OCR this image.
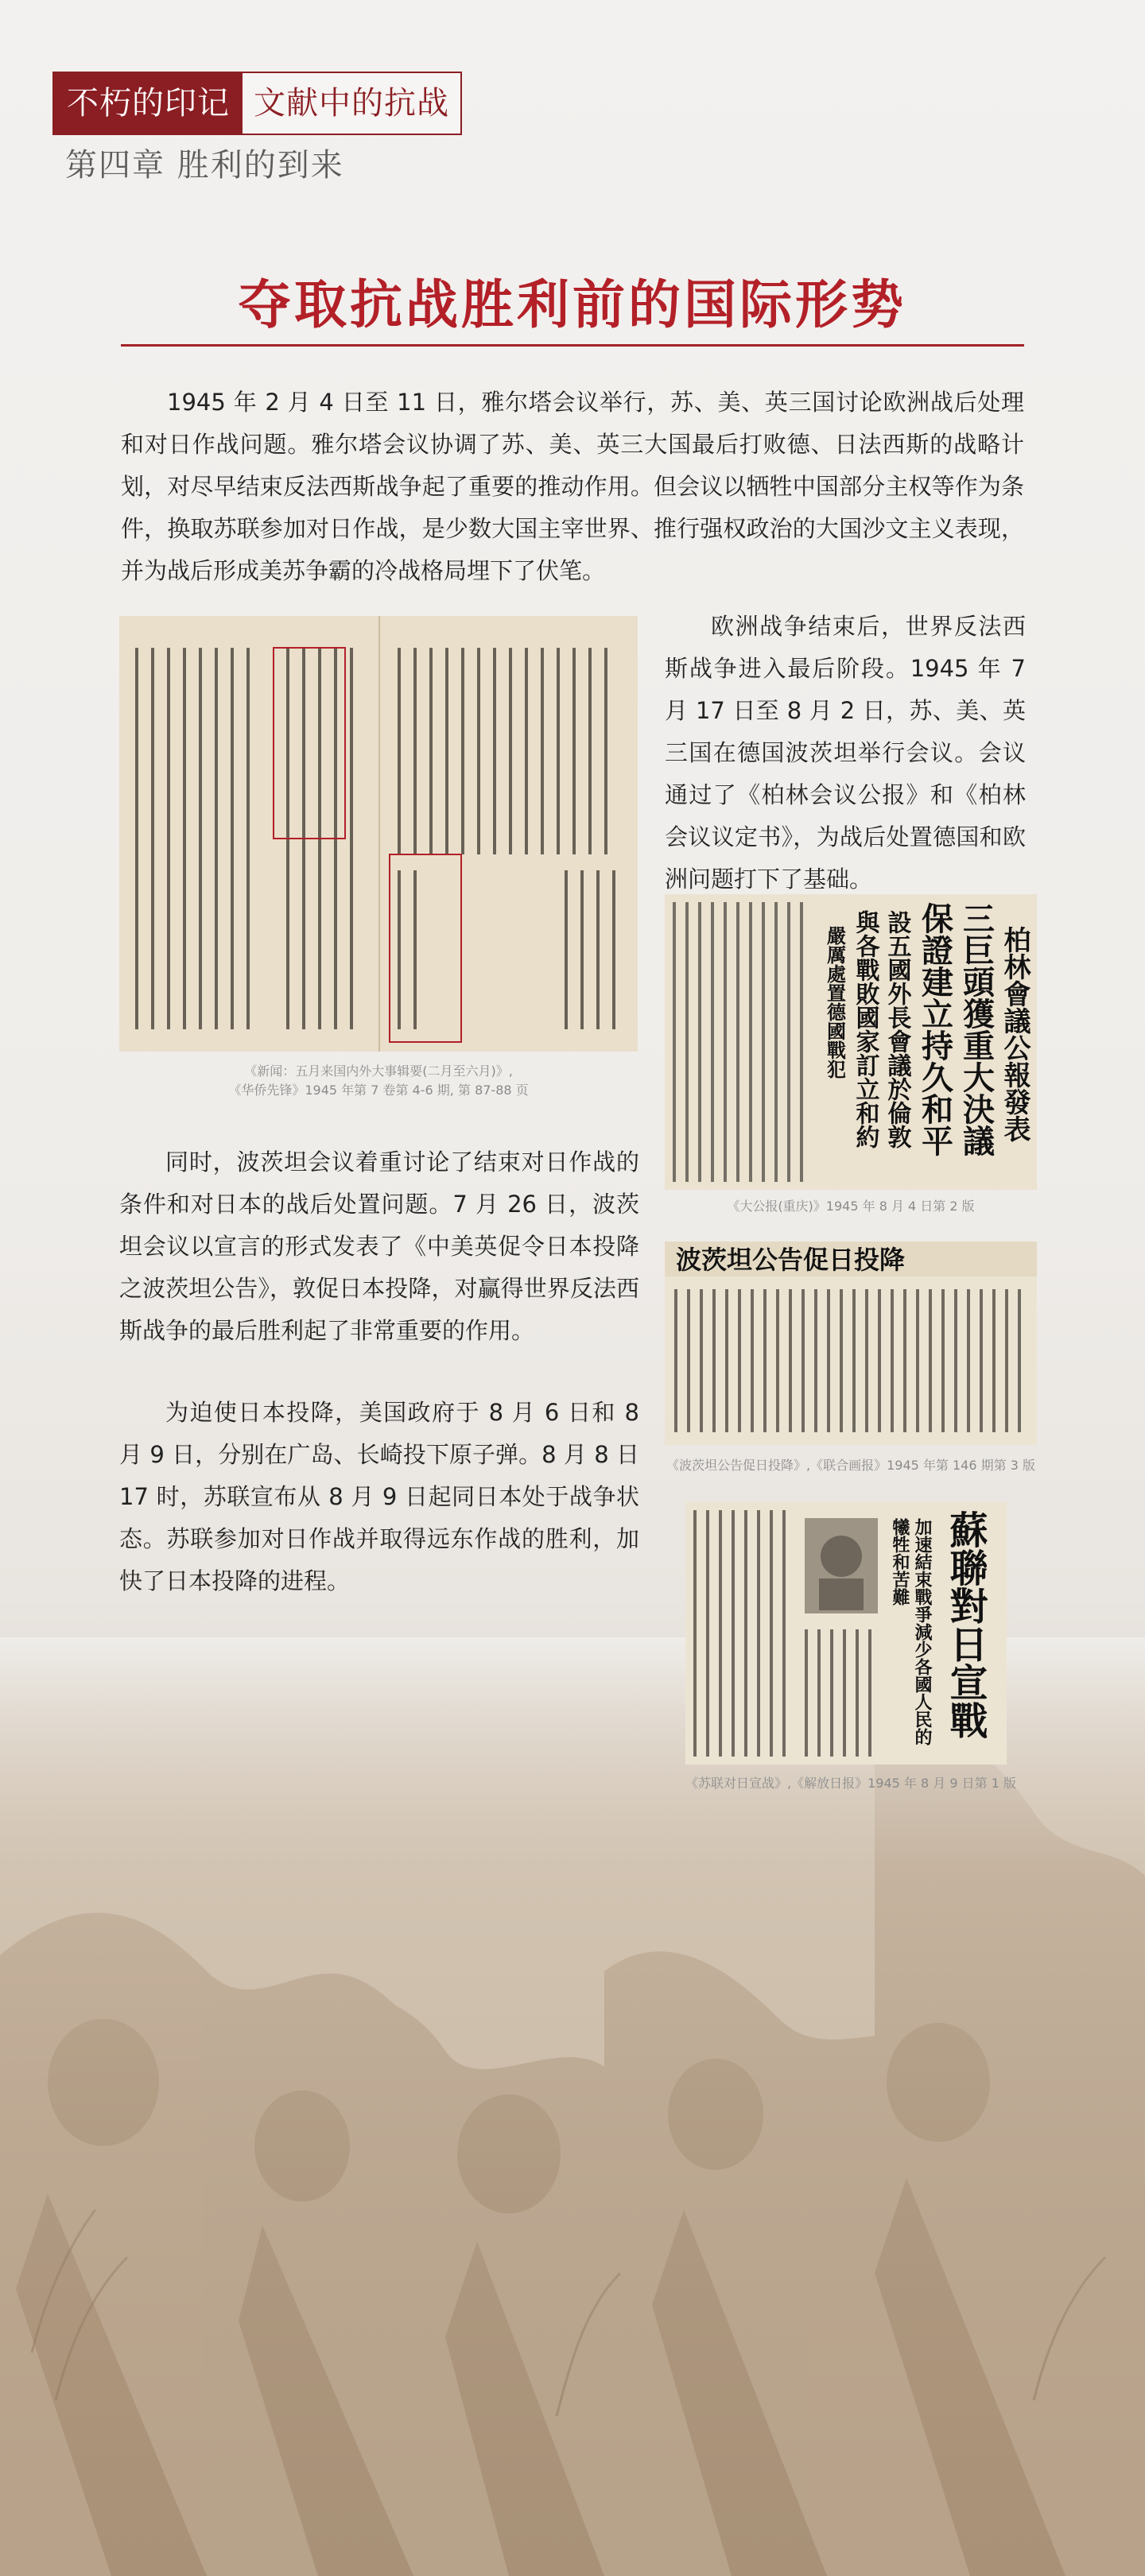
不朽的印记 文献中的抗战
第四章 胜利的到来
夺取抗战胜利前的国际形势

1945 年 2 月 4 日至 11 日，雅尔塔会议举行，苏、美、英三国讨论欧洲战后处理和对日作战问题。雅尔塔会议协调了苏、美、英三大国最后打败德、日法西斯的战略计划，对尽早结束反法西斯战争起了重要的推动作用。但会议以牺牲中国部分主权等作为条件，换取苏联参加对日作战，是少数大国主宰世界、推行强权政治的大国沙文主义表现，并为战后形成美苏争霸的冷战格局埋下了伏笔。

欧洲战争结束后，世界反法西斯战争进入最后阶段。1945 年 7 月 17 日至 8 月 2 日，苏、美、英三国在德国波茨坦举行会议。会议通过了《柏林会议公报》和《柏林会议议定书》，为战后处置德国和欧洲问题打下了基础。

同时，波茨坦会议着重讨论了结束对日作战的条件和对日本的战后处置问题。7 月 26 日，波茨坦会议以宣言的形式发表了《中美英促令日本投降之波茨坦公告》，敦促日本投降，对赢得世界反法西斯战争的最后胜利起了非常重要的作用。

为迫使日本投降，美国政府于 8 月 6 日和 8 月 9 日，分别在广岛、长崎投下原子弹。8 月 8 日 17 时，苏联宣布从 8 月 9 日起同日本处于战争状态。苏联参加对日作战并取得远东作战的胜利，加快了日本投降的进程。

《新闻：五月来国内外大事辑要(二月至六月)》,
《华侨先锋》1945 年第 7 卷第 4-6 期, 第 87-88 页	柏林會議公報發表
三巨頭獲重大決議
保證建立持久和平
設五國外長會議於倫敦
與各戰敗國家訂立和約
嚴厲處置德國戰犯
《大公报(重庆)》1945 年 8 月 4 日第 2 版
波茨坦公告促日投降
《波茨坦公告促日投降》,《联合画报》1945 年第 146 期第 3 版
蘇聯對日宣戰
加速結束戰爭減少各國人民的
犧牲和苦難
《苏联对日宣战》,《解放日报》1945 年 8 月 9 日第 1 版
